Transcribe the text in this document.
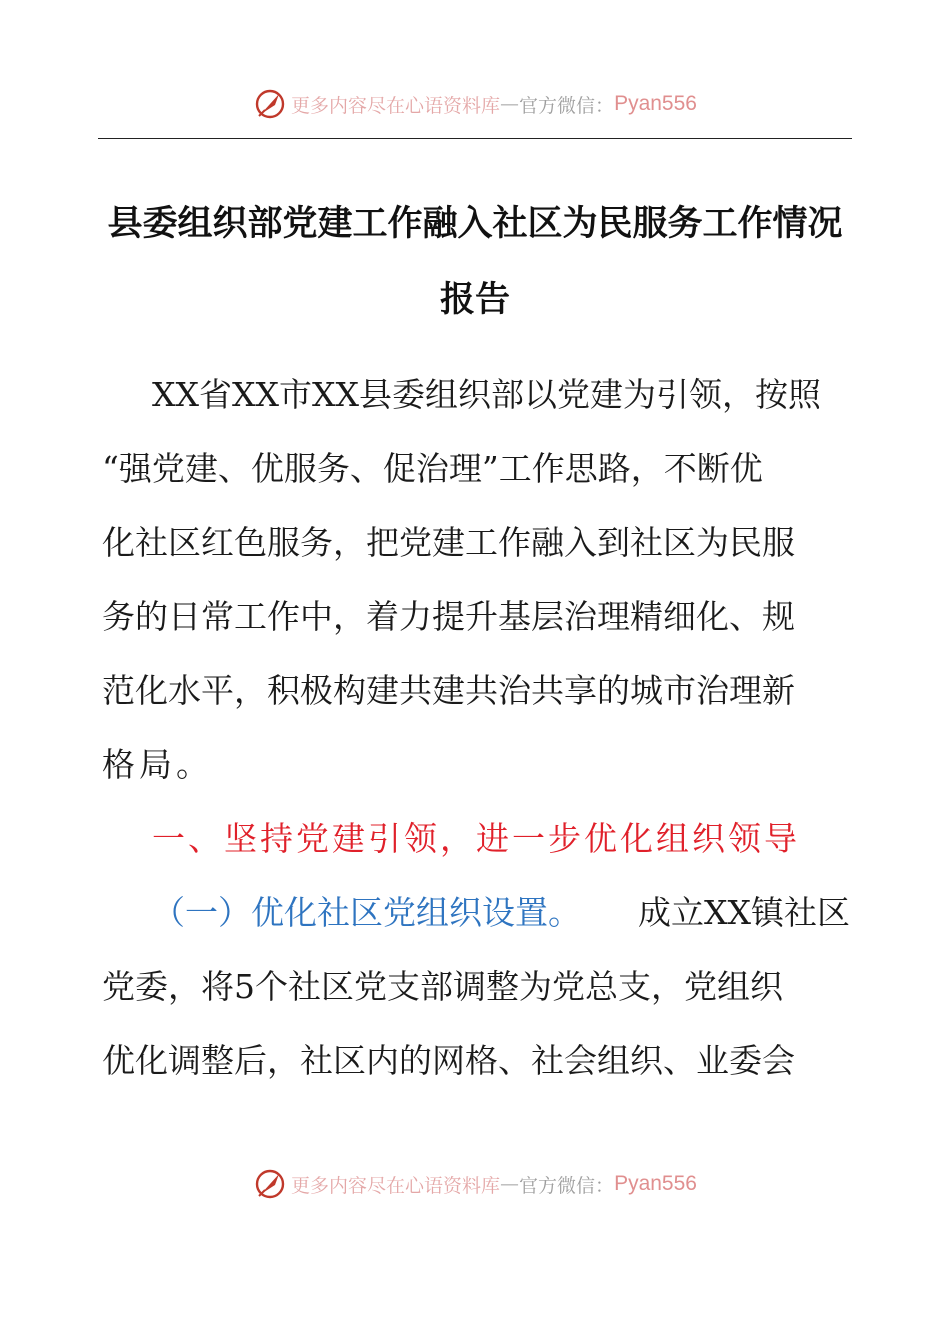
更多内容尽在心语资料库 — 官方微信： Pyan556
县委组织部党建工作融入社区为民服务工作情况
报告
XX省XX市XX县委组织部以党建为引领，按照
“强党建、优服务、促治理”工作思路，不断优
化社区红色服务，把党建工作融入到社区为民服
务的日常工作中，着力提升基层治理精细化、规
范化水平，积极构建共建共治共享的城市治理新
格局。
一、坚持党建引领，进一步优化组织领导
（一）优化社区党组织设置。 成立XX镇社区
党委，将5个社区党支部调整为党总支，党组织
优化调整后，社区内的网格、社会组织、业委会
更多内容尽在心语资料库 — 官方微信： Pyan556
